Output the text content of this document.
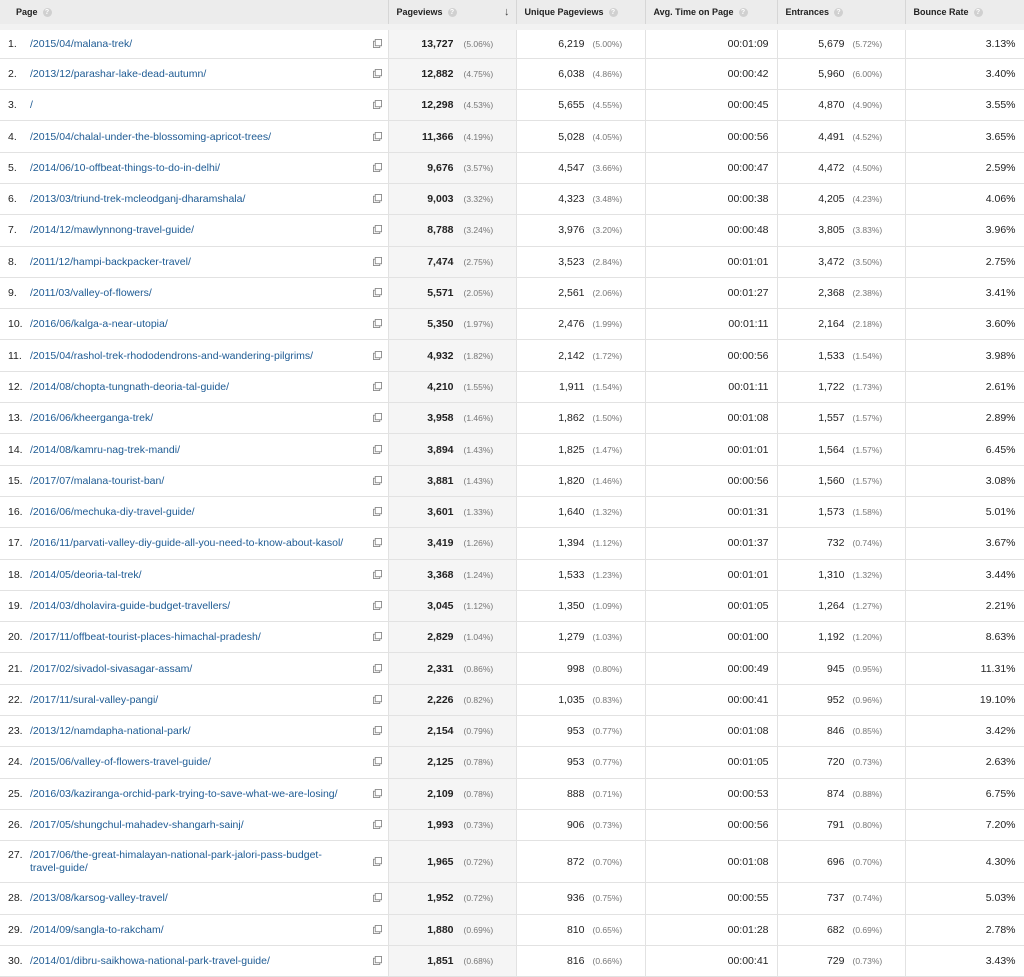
Page ?	Pageviews ? ↓	Unique Pageviews ?	Avg. Time on Page ?	Entrances ?	Bounce Rate ?
1. /2015/04/malana-trek/	13,727 (5.06%)	6,219 (5.00%)	00:01:09	5,679 (5.72%)	3.13%
2. /2013/12/parashar-lake-dead-autumn/	12,882 (4.75%)	6,038 (4.86%)	00:00:42	5,960 (6.00%)	3.40%
3. /	12,298 (4.53%)	5,655 (4.55%)	00:00:45	4,870 (4.90%)	3.55%
4. /2015/04/chalal-under-the-blossoming-apricot-trees/	11,366 (4.19%)	5,028 (4.05%)	00:00:56	4,491 (4.52%)	3.65%
5. /2014/06/10-offbeat-things-to-do-in-delhi/	9,676 (3.57%)	4,547 (3.66%)	00:00:47	4,472 (4.50%)	2.59%
6. /2013/03/triund-trek-mcleodganj-dharamshala/	9,003 (3.32%)	4,323 (3.48%)	00:00:38	4,205 (4.23%)	4.06%
7. /2014/12/mawlynnong-travel-guide/	8,788 (3.24%)	3,976 (3.20%)	00:00:48	3,805 (3.83%)	3.96%
8. /2011/12/hampi-backpacker-travel/	7,474 (2.75%)	3,523 (2.84%)	00:01:01	3,472 (3.50%)	2.75%
9. /2011/03/valley-of-flowers/	5,571 (2.05%)	2,561 (2.06%)	00:01:27	2,368 (2.38%)	3.41%
10. /2016/06/kalga-a-near-utopia/	5,350 (1.97%)	2,476 (1.99%)	00:01:11	2,164 (2.18%)	3.60%
11. /2015/04/rashol-trek-rhododendrons-and-wandering-pilgrims/	4,932 (1.82%)	2,142 (1.72%)	00:00:56	1,533 (1.54%)	3.98%
12. /2014/08/chopta-tungnath-deoria-tal-guide/	4,210 (1.55%)	1,911 (1.54%)	00:01:11	1,722 (1.73%)	2.61%
13. /2016/06/kheerganga-trek/	3,958 (1.46%)	1,862 (1.50%)	00:01:08	1,557 (1.57%)	2.89%
14. /2014/08/kamru-nag-trek-mandi/	3,894 (1.43%)	1,825 (1.47%)	00:01:01	1,564 (1.57%)	6.45%
15. /2017/07/malana-tourist-ban/	3,881 (1.43%)	1,820 (1.46%)	00:00:56	1,560 (1.57%)	3.08%
16. /2016/06/mechuka-diy-travel-guide/	3,601 (1.33%)	1,640 (1.32%)	00:01:31	1,573 (1.58%)	5.01%
17. /2016/11/parvati-valley-diy-guide-all-you-need-to-know-about-kasol/	3,419 (1.26%)	1,394 (1.12%)	00:01:37	732 (0.74%)	3.67%
18. /2014/05/deoria-tal-trek/	3,368 (1.24%)	1,533 (1.23%)	00:01:01	1,310 (1.32%)	3.44%
19. /2014/03/dholavira-guide-budget-travellers/	3,045 (1.12%)	1,350 (1.09%)	00:01:05	1,264 (1.27%)	2.21%
20. /2017/11/offbeat-tourist-places-himachal-pradesh/	2,829 (1.04%)	1,279 (1.03%)	00:01:00	1,192 (1.20%)	8.63%
21. /2017/02/sivadol-sivasagar-assam/	2,331 (0.86%)	998 (0.80%)	00:00:49	945 (0.95%)	11.31%
22. /2017/11/sural-valley-pangi/	2,226 (0.82%)	1,035 (0.83%)	00:00:41	952 (0.96%)	19.10%
23. /2013/12/namdapha-national-park/	2,154 (0.79%)	953 (0.77%)	00:01:08	846 (0.85%)	3.42%
24. /2015/06/valley-of-flowers-travel-guide/	2,125 (0.78%)	953 (0.77%)	00:01:05	720 (0.73%)	2.63%
25. /2016/03/kaziranga-orchid-park-trying-to-save-what-we-are-losing/	2,109 (0.78%)	888 (0.71%)	00:00:53	874 (0.88%)	6.75%
26. /2017/05/shungchul-mahadev-shangarh-sainj/	1,993 (0.73%)	906 (0.73%)	00:00:56	791 (0.80%)	7.20%
27. /2017/06/the-great-himalayan-national-park-jalori-pass-budget-travel-guide/	1,965 (0.72%)	872 (0.70%)	00:01:08	696 (0.70%)	4.30%
28. /2013/08/karsog-valley-travel/	1,952 (0.72%)	936 (0.75%)	00:00:55	737 (0.74%)	5.03%
29. /2014/09/sangla-to-rakcham/	1,880 (0.69%)	810 (0.65%)	00:01:28	682 (0.69%)	2.78%
30. /2014/01/dibru-saikhowa-national-park-travel-guide/	1,851 (0.68%)	816 (0.66%)	00:00:41	729 (0.73%)	3.43%
